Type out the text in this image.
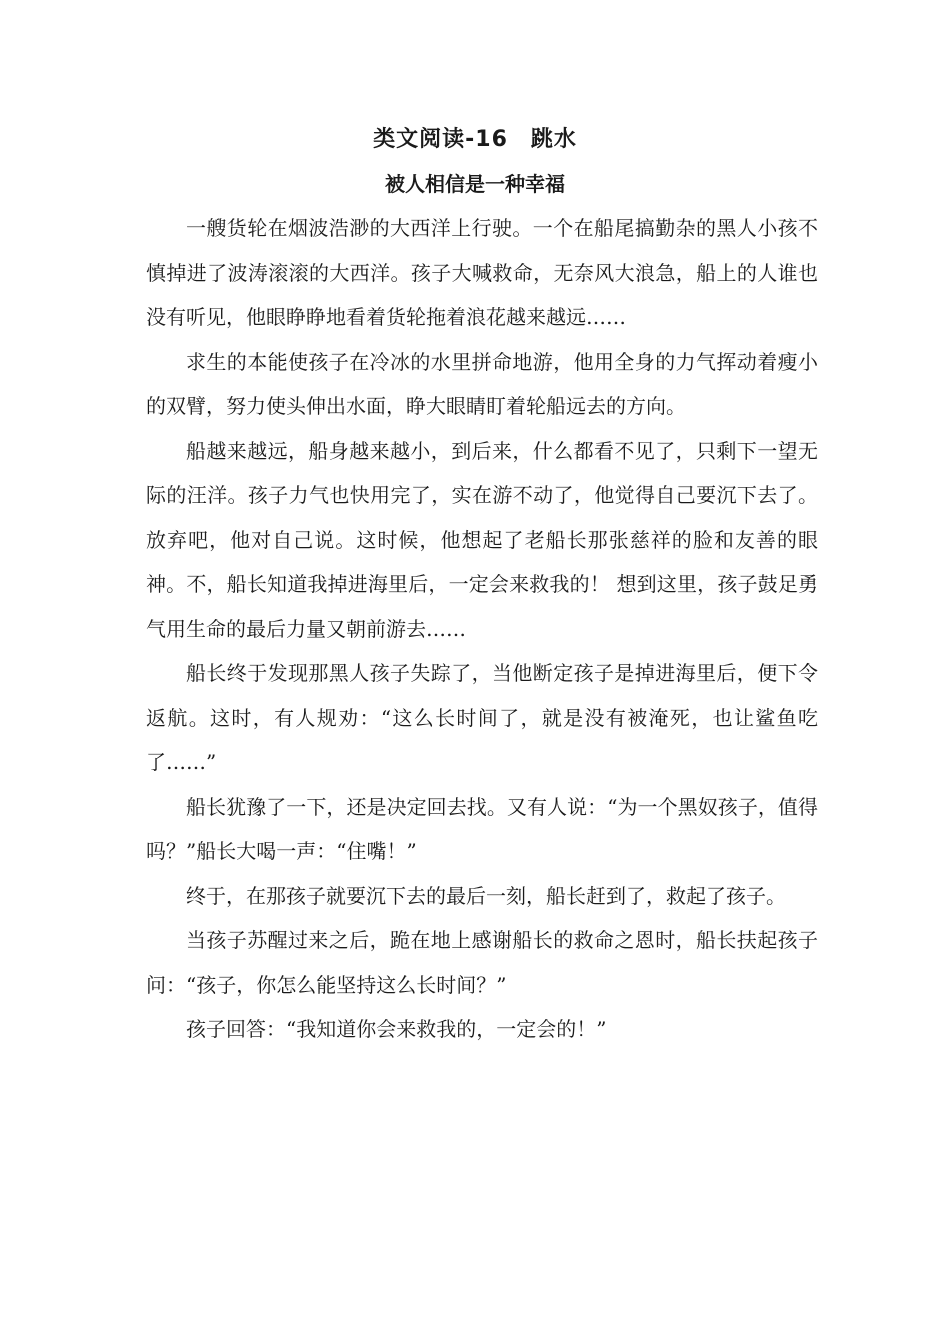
类文阅读-16　跳水
被人相信是一种幸福

一艘货轮在烟波浩渺的大西洋上行驶。一个在船尾搞勤杂的黑人小孩不慎掉进了波涛滚滚的大西洋。孩子大喊救命，无奈风大浪急，船上的人谁也没有听见，他眼睁睁地看着货轮拖着浪花越来越远……

求生的本能使孩子在冷冰的水里拼命地游，他用全身的力气挥动着瘦小的双臂，努力使头伸出水面，睁大眼睛盯着轮船远去的方向。

船越来越远，船身越来越小，到后来，什么都看不见了，只剩下一望无际的汪洋。孩子力气也快用完了，实在游不动了，他觉得自己要沉下去了。放弃吧，他对自己说。这时候，他想起了老船长那张慈祥的脸和友善的眼神。不，船长知道我掉进海里后，一定会来救我的！ 想到这里，孩子鼓足勇气用生命的最后力量又朝前游去……

船长终于发现那黑人孩子失踪了，当他断定孩子是掉进海里后，便下令返航。这时，有人规劝：“这么长时间了，就是没有被淹死，也让鲨鱼吃了……”

船长犹豫了一下，还是决定回去找。又有人说：“为一个黑奴孩子，值得吗？”船长大喝一声：“住嘴！”

终于，在那孩子就要沉下去的最后一刻，船长赶到了，救起了孩子。

当孩子苏醒过来之后，跪在地上感谢船长的救命之恩时，船长扶起孩子问：“孩子，你怎么能坚持这么长时间？”

孩子回答：“我知道你会来救我的，一定会的！”
